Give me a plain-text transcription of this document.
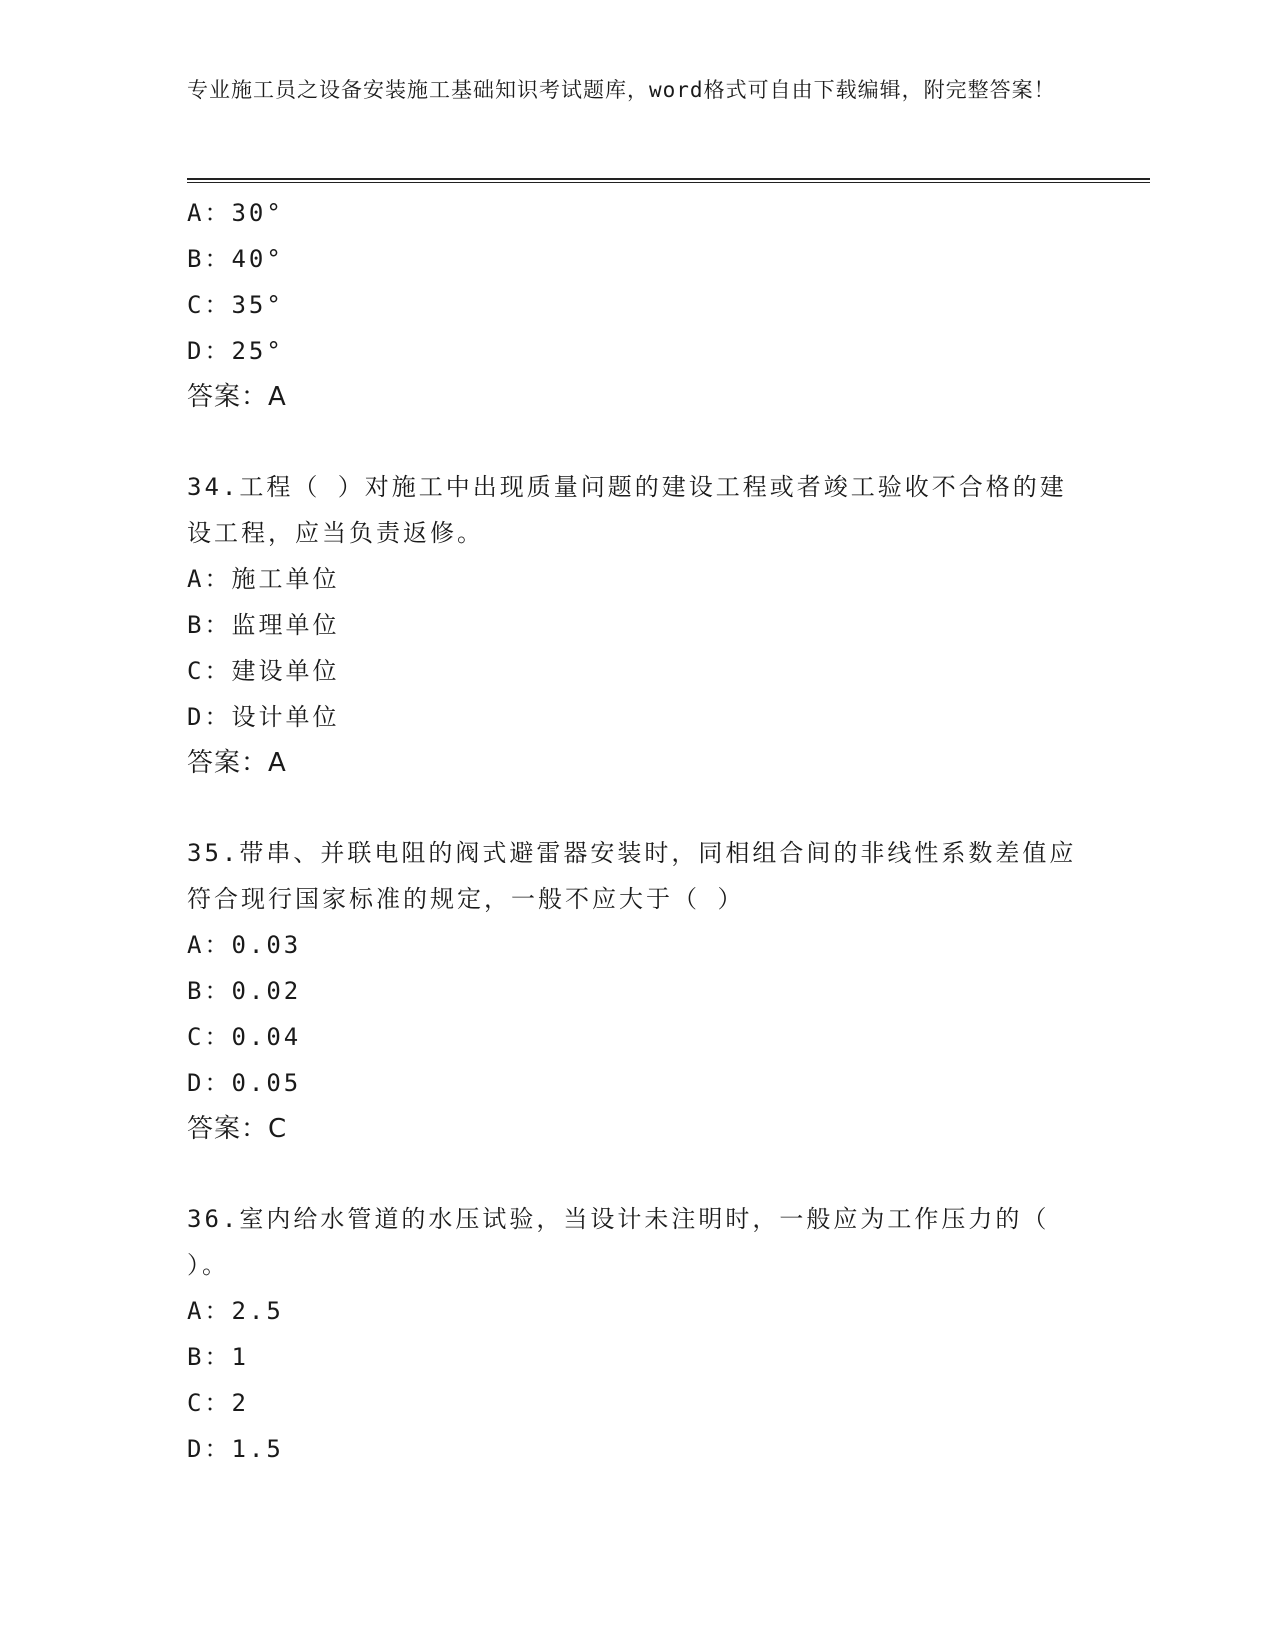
专业施工员之设备安装施工基础知识考试题库，word格式可自由下载编辑，附完整答案！
A：30°
B：40°
C：35°
D：25°
答案：A
34.工程（ ）对施工中出现质量问题的建设工程或者竣工验收不合格的建设工程，应当负责返修。
A：施工单位
B：监理单位
C：建设单位
D：设计单位
答案：A
35.带串、并联电阻的阀式避雷器安装时，同相组合间的非线性系数差值应符合现行国家标准的规定，一般不应大于（ ）
A：0.03
B：0.02
C：0.04
D：0.05
答案：C
36.室内给水管道的水压试验，当设计未注明时，一般应为工作压力的（ ）。
A：2.5
B：1
C：2
D：1.5
